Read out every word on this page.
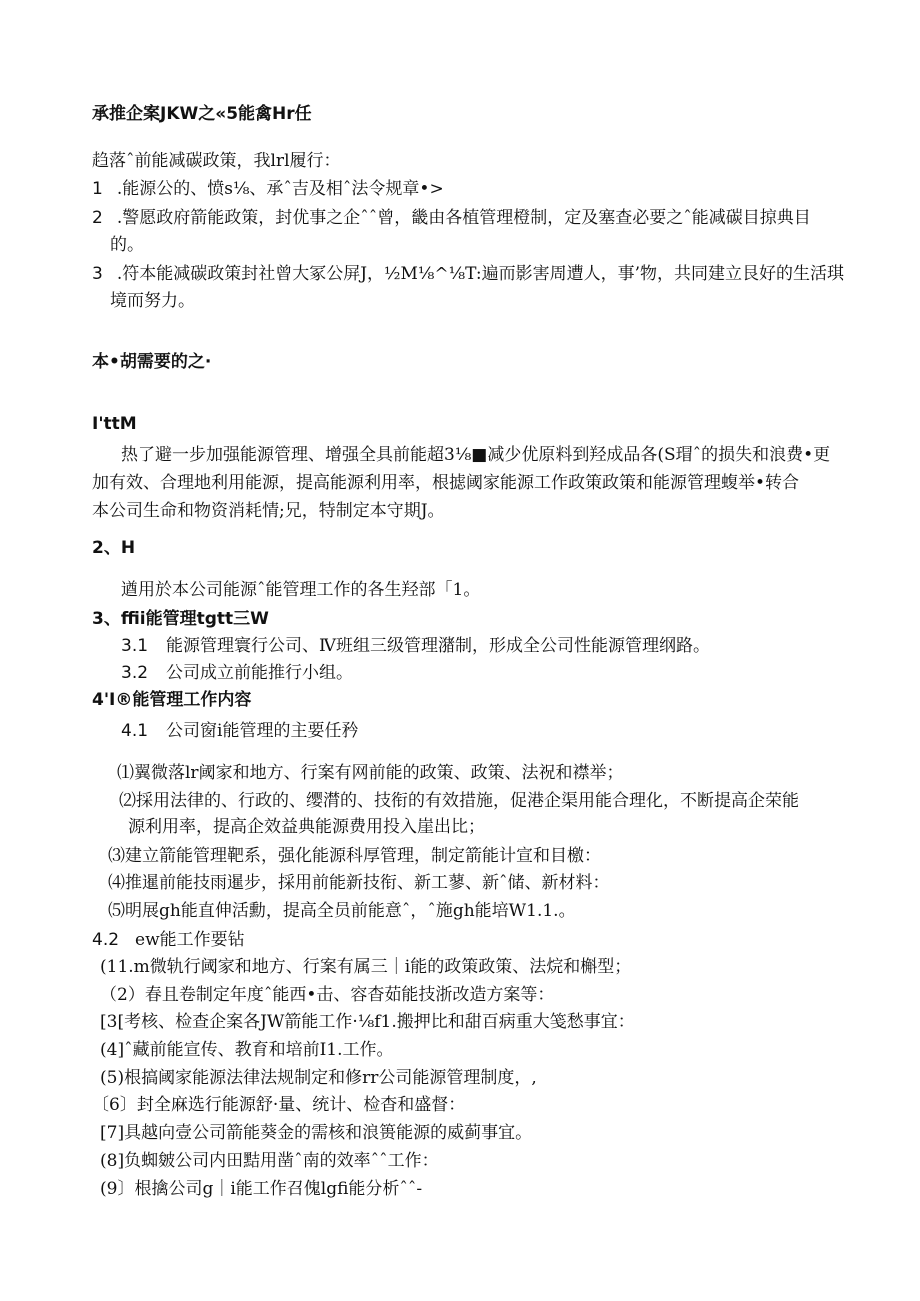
承推企案JKW之«5能禽Hr任
趋落ˆ前能减碳政策，我lrl履行：
1 .能源公的、愤s⅛、承ˆ吉及相ˆ法令规章•>
2 .警愿政府箭能政策，封优事之企ˆˆ曾，畿由各植管理橙制，定及塞查必要之ˆ能减碳目掠典目
的。
3 .符本能减碳政策封社曾大冢公屏J，½M⅛^⅛T:遍而影害周遭人，事’物，共同建立艮好的生活琪
境而努力。
本•胡需要的之·
I'ttM
热了避一步加强能源管理、增强全具前能超3⅛■减少优原料到羟成品各(S瑁ˆ的损失和浪费•更
加有效、合理地利用能源，提高能源利用率，根摅阈家能源工作政策政策和能源管理蝮举•转合
本公司生命和物资消耗情;兄，特制定本守期J。
2、H
遒用於本公司能源ˆ能管理工作的各生羟部「1。
3、ffii能管理tgtt三W
3.1 能源管理寰行公司、Ⅳ班组三级管理潴制，形成全公司性能源管理纲路。
3.2 公司成立前能推行小组。
4'I®能管理工作内容
4.1 公司窗i能管理的主要任矜
⑴翼微落lr阈家和地方、行案有网前能的政策、政策、法祝和襟举；
⑵採用法律的、行政的、缨潸的、技衔的有效措施，促港企渠用能合理化，不断提高企荣能
源利用率，提高企效益典能源费用投入崖出比；
⑶建立箭能管理靶系，强化能源科厚管理，制定箭能计宣和目檄：
⑷推暹前能技雨暹步，採用前能新技衔、新工蓼、新ˆ储、新材料：
⑸明展gh能直伸活勳，提高全员前能意ˆ，ˆ施gh能培W1.1.。
4.2 ew能工作要钻
(11.m微轨行阈家和地方、行案有属三｜i能的政策政策、法烷和槲型；
（2）春且卷制定年度ˆ能西•击、容杳茹能技浙改造方案等：
[3[考核、检查企案各JW箭能工作·⅛f1.搬押比和甜百病重大笺愁事宜：
(4]ˆ藏前能宣传、教育和培前I1.工作。
(5)根搞阈家能源法律法规制定和修rr公司能源管理制度，,
〔6〕封全麻选行能源舒·量、统计、检杳和盛督：
[7]具越向壹公司箭能葵金的需核和浪篑能源的威蓟事宜。
(8]负蜘皴公司内田黠用凿ˆ南的效率ˆˆ工作：
(9〕根擒公司g｜i能工作召傀lgfi能分析ˆˆ-
